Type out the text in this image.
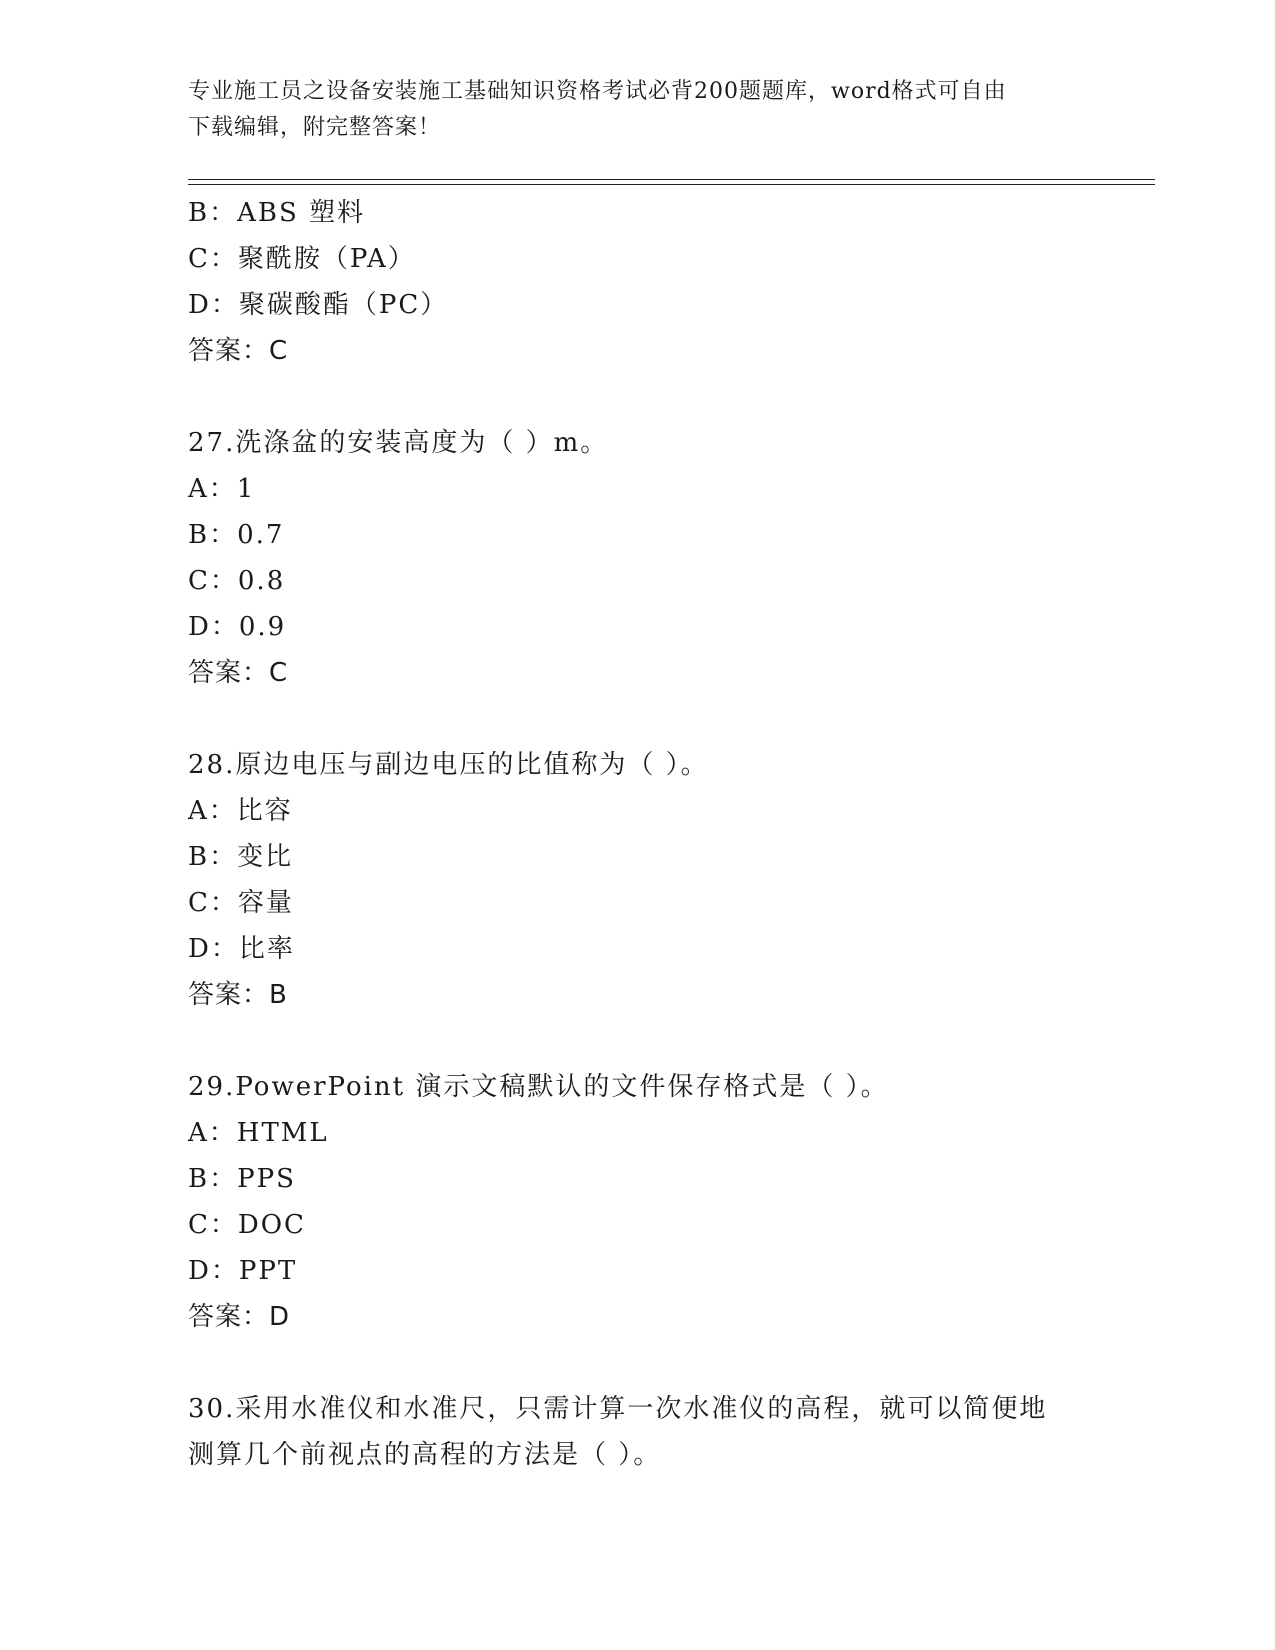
专业施工员之设备安装施工基础知识资格考试必背200题题库，word格式可自由
下载编辑，附完整答案！
B：ABS 塑料
C：聚酰胺（PA）
D：聚碳酸酯（PC）
答案：C
27.洗涤盆的安装高度为（ ）m。
A：1
B：0.7
C：0.8
D：0.9
答案：C
28.原边电压与副边电压的比值称为（ ）。
A：比容
B：变比
C：容量
D：比率
答案：B
29.PowerPoint 演示文稿默认的文件保存格式是（ ）。
A：HTML
B：PPS
C：DOC
D：PPT
答案：D
30.采用水准仪和水准尺，只需计算一次水准仪的高程，就可以简便地
测算几个前视点的高程的方法是（ ）。
